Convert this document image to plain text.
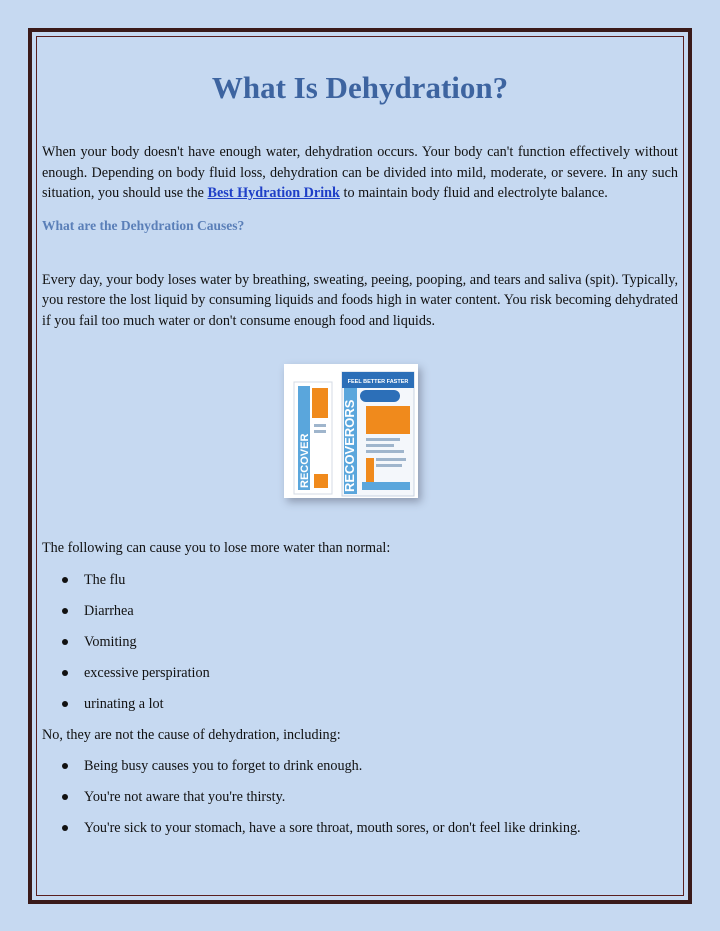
What Is Dehydration?

When your body doesn't have enough water, dehydration occurs. Your body can't function effectively without enough. Depending on body fluid loss, dehydration can be divided into mild, moderate, or severe. In any such situation, you should use the Best Hydration Drink to maintain body fluid and electrolyte balance.

What are the Dehydration Causes?

Every day, your body loses water by breathing, sweating, peeing, pooping, and tears and saliva (spit). Typically, you restore the lost liquid by consuming liquids and foods high in water content. You risk becoming dehydrated if you fail too much water or don't consume enough food and liquids.

FEEL BETTER FASTER
RECOVERORS
RECOVER

The following can cause you to lose more water than normal:

The flu
Diarrhea
Vomiting
excessive perspiration
urinating a lot

No, they are not the cause of dehydration, including:

Being busy causes you to forget to drink enough.
You're not aware that you're thirsty.
You're sick to your stomach, have a sore throat, mouth sores, or don't feel like drinking.
